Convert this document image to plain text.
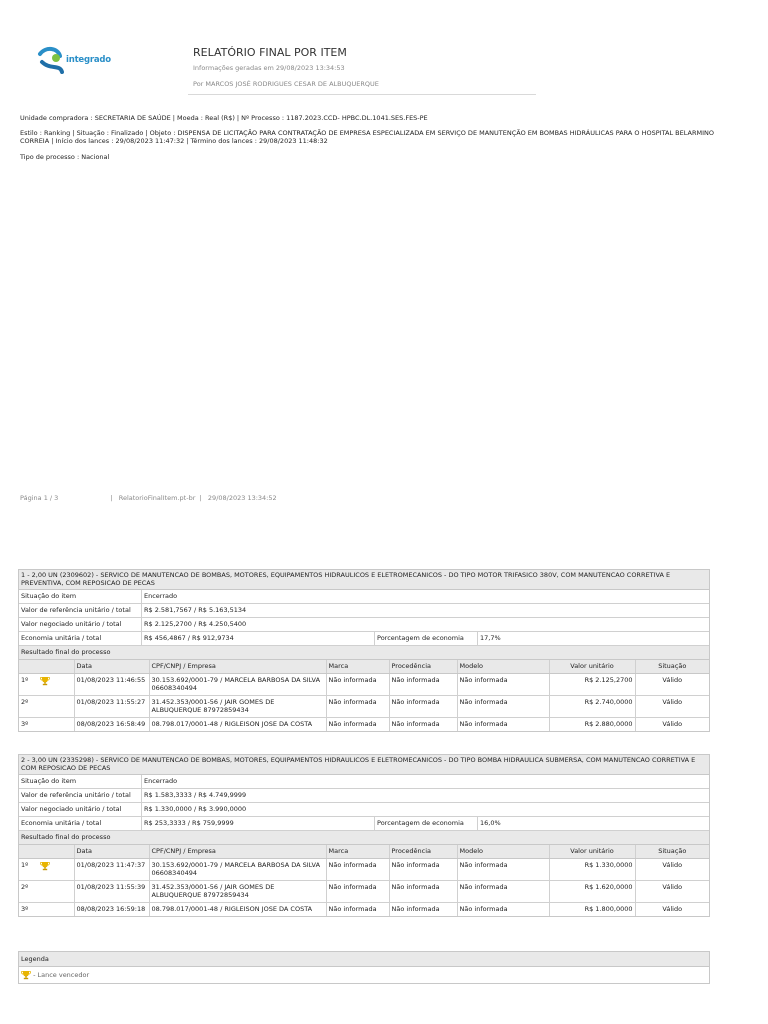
integrado
RELATÓRIO FINAL POR ITEM
Informações geradas em 29/08/2023 13:34:53
Por MARCOS JOSÉ RODRIGUES CESAR DE ALBUQUERQUE
Unidade compradora : SECRETARIA DE SAÚDE | Moeda : Real (R$) | Nº Processo : 1187.2023.CCD- HPBC.DL.1041.SES.FES-PE
Estilo : Ranking | Situação : Finalizado | Objeto : DISPENSA DE LICITAÇÃO PARA CONTRATAÇÃO DE EMPRESA ESPECIALIZADA EM SERVIÇO DE MANUTENÇÃO EM BOMBAS HIDRÁULICAS PARA O HOSPITAL BELARMINO CORREIA | Início dos lances : 29/08/2023 11:47:32 | Término dos lances : 29/08/2023 11:48:32
Tipo de processo : Nacional
Página 1 / 3	| RelatorioFinalItem.pt-br | 29/08/2023 13:34:52
1 - 2,00 UN (2309602) - SERVICO DE MANUTENCAO DE BOMBAS, MOTORES, EQUIPAMENTOS HIDRAULICOS E ELETROMECANICOS - DO TIPO MOTOR TRIFASICO 380V, COM MANUTENCAO CORRETIVA E PREVENTIVA, COM REPOSICAO DE PECAS
Situação do item	Encerrado
Valor de referência unitário / total	R$ 2.581,7567 / R$ 5.163,5134
Valor negociado unitário / total	R$ 2.125,2700 / R$ 4.250,5400
Economia unitária / total	R$ 456,4867 / R$ 912,9734	Porcentagem de economia	17,7%
Resultado final do processo
	Data	CPF/CNPJ / Empresa	Marca	Procedência	Modelo	Valor unitário	Situação
1º	01/08/2023 11:46:55	30.153.692/0001-79 / MARCELA BARBOSA DA SILVA 06608340494	Não informada	Não informada	Não informada	R$ 2.125,2700	Válido
2º	01/08/2023 11:55:27	31.452.353/0001-56 / JAIR GOMES DE ALBUQUERQUE 87972859434	Não informada	Não informada	Não informada	R$ 2.740,0000	Válido
3º	08/08/2023 16:58:49	08.798.017/0001-48 / RIGLEISON JOSE DA COSTA	Não informada	Não informada	Não informada	R$ 2.880,0000	Válido
2 - 3,00 UN (2335298) - SERVICO DE MANUTENCAO DE BOMBAS, MOTORES, EQUIPAMENTOS HIDRAULICOS E ELETROMECANICOS - DO TIPO BOMBA HIDRAULICA SUBMERSA, COM MANUTENCAO CORRETIVA E COM REPOSICAO DE PECAS
Situação do item	Encerrado
Valor de referência unitário / total	R$ 1.583,3333 / R$ 4.749,9999
Valor negociado unitário / total	R$ 1.330,0000 / R$ 3.990,0000
Economia unitária / total	R$ 253,3333 / R$ 759,9999	Porcentagem de economia	16,0%
Resultado final do processo
	Data	CPF/CNPJ / Empresa	Marca	Procedência	Modelo	Valor unitário	Situação
1º	01/08/2023 11:47:37	30.153.692/0001-79 / MARCELA BARBOSA DA SILVA 06608340494	Não informada	Não informada	Não informada	R$ 1.330,0000	Válido
2º	01/08/2023 11:55:39	31.452.353/0001-56 / JAIR GOMES DE ALBUQUERQUE 87972859434	Não informada	Não informada	Não informada	R$ 1.620,0000	Válido
3º	08/08/2023 16:59:18	08.798.017/0001-48 / RIGLEISON JOSE DA COSTA	Não informada	Não informada	Não informada	R$ 1.800,0000	Válido
Legenda
- Lance vencedor
